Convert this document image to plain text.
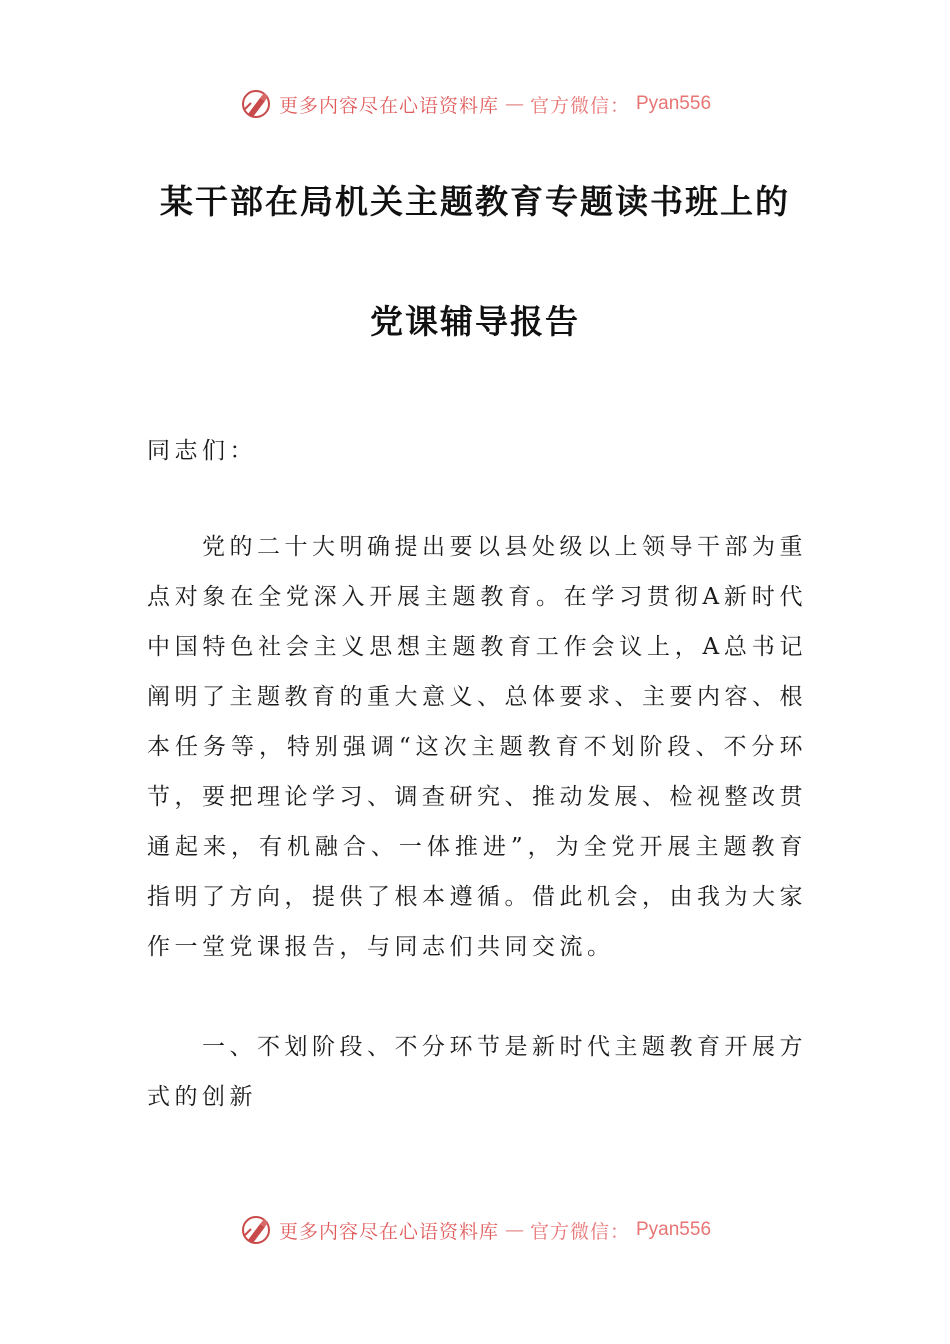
更多内容尽在心语资料库 — 官方微信： Pyan556
某干部在局机关主题教育专题读书班上的
党课辅导报告
同志们：
党的二十大明确提出要以县处级以上领导干部为重点对象在全党深入开展主题教育。在学习贯彻A新时代中国特色社会主义思想主题教育工作会议上，A总书记阐明了主题教育的重大意义、总体要求、主要内容、根本任务等，特别强调“这次主题教育不划阶段、不分环节，要把理论学习、调查研究、推动发展、检视整改贯通起来，有机融合、一体推进”，为全党开展主题教育指明了方向，提供了根本遵循。借此机会，由我为大家作一堂党课报告，与同志们共同交流。
一、不划阶段、不分环节是新时代主题教育开展方式的创新
更多内容尽在心语资料库 — 官方微信： Pyan556
